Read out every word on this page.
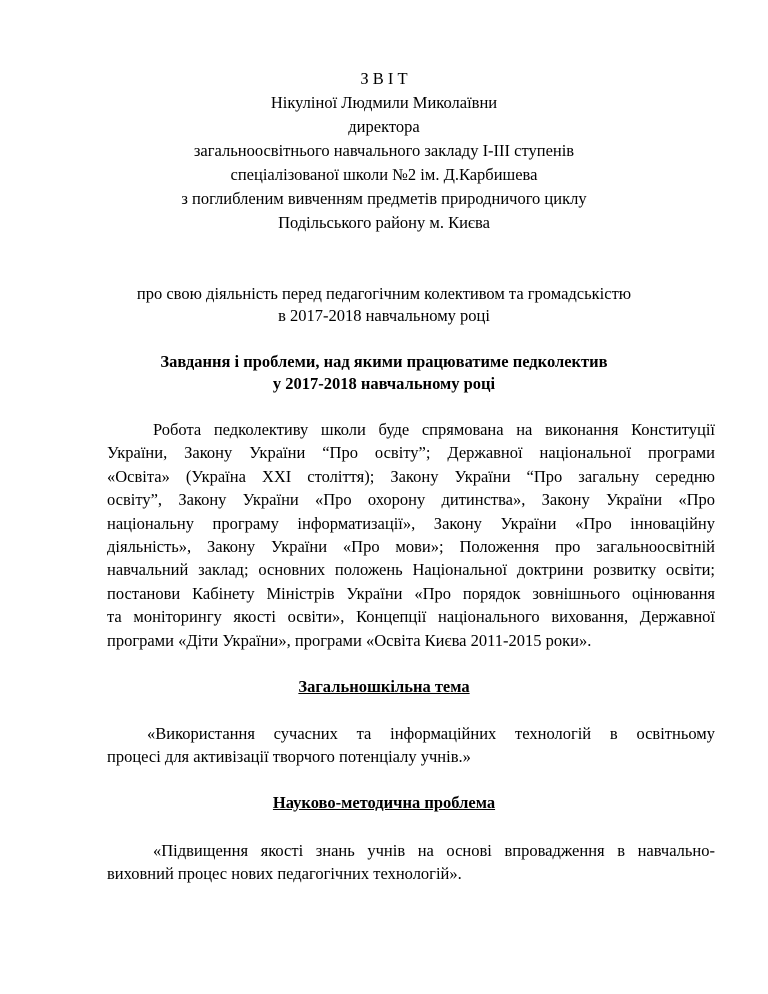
З В І Т

Нікуліної Людмили Миколаївни

директора

загальноосвітнього навчального закладу І-ІІІ ступенів

спеціалізованої школи №2 ім. Д.Карбишева

з поглибленим вивченням предметів природничого циклу

Подільського району м. Києва

про свою діяльність перед педагогічним колективом та громадськістю

в 2017-2018 навчальному році

Завдання і проблеми, над якими працюватиме педколектив

у 2017-2018 навчальному році

Робота педколективу школи буде спрямована на виконання Конституції
України, Закону України “Про освіту”; Державної національної програми
«Освіта» (Україна ХХІ століття); Закону України “Про загальну середню
освіту”, Закону України «Про охорону дитинства», Закону України «Про
національну програму інформатизації», Закону України «Про інноваційну
діяльність», Закону України «Про мови»; Положення про загальноосвітній
навчальний заклад; основних положень Національної доктрини розвитку освіти;
постанови Кабінету Міністрів України «Про порядок зовнішнього оцінювання
та моніторингу якості освіти», Концепції національного виховання, Державної
програми «Діти України», програми «Освіта Києва 2011-2015 роки».

Загальношкільна тема

«Використання сучасних та інформаційних технологій в освітньому
процесі для активізації творчого потенціалу учнів.»

Науково-методична проблема

«Підвищення якості знань учнів на основі впровадження в навчально-
виховний процес нових педагогічних технологій».
